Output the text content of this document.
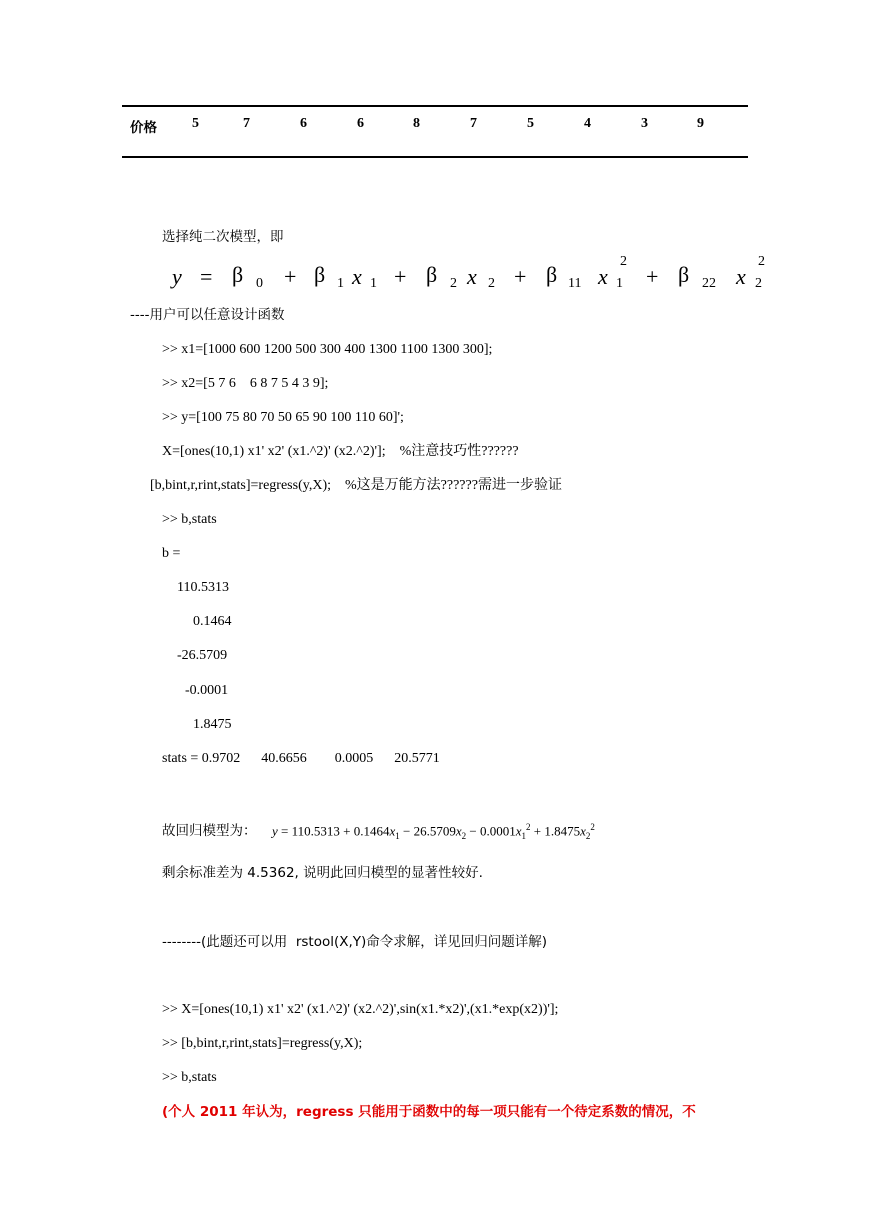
价格	5	7	6	6	8	7	5	4	3	9
选择纯二次模型，即
y = β 0 + β 1 x 1 + β 2 x 2 + β 11 x 1
2
+ β 22 x 2
2
----用户可以任意设计函数
>> x1=[1000 600 1200 500 300 400 1300 1100 1300 300];
>> x2=[5 7 6    6 8 7 5 4 3 9];
>> y=[100 75 80 70 50 65 90 100 110 60]';
X=[ones(10,1) x1' x2' (x1.^2)' (x2.^2)'];    %注意技巧性??????
[b,bint,r,rint,stats]=regress(y,X);    %这是万能方法??????需进一步验证
>> b,stats
b =
110.5313
0.1464
-26.5709
-0.0001
1.8475
stats = 0.9702      40.6656        0.0005      20.5771
故回归模型为： $y = 110.5313 + 0.1464x_1 - 26.5709x_2 - 0.0001x_1^2 + 1.8475x_2^2$
剩余标准差为 4.5362, 说明此回归模型的显著性较好.
--------(此题还可以用  rstool(X,Y)命令求解，详见回归问题详解)
>> X=[ones(10,1) x1' x2' (x1.^2)' (x2.^2)',sin(x1.*x2)',(x1.*exp(x2))'];
>> [b,bint,r,rint,stats]=regress(y,X);
>> b,stats
(个人 2011 年认为，regress 只能用于函数中的每一项只能有一个待定系数的情况，不
